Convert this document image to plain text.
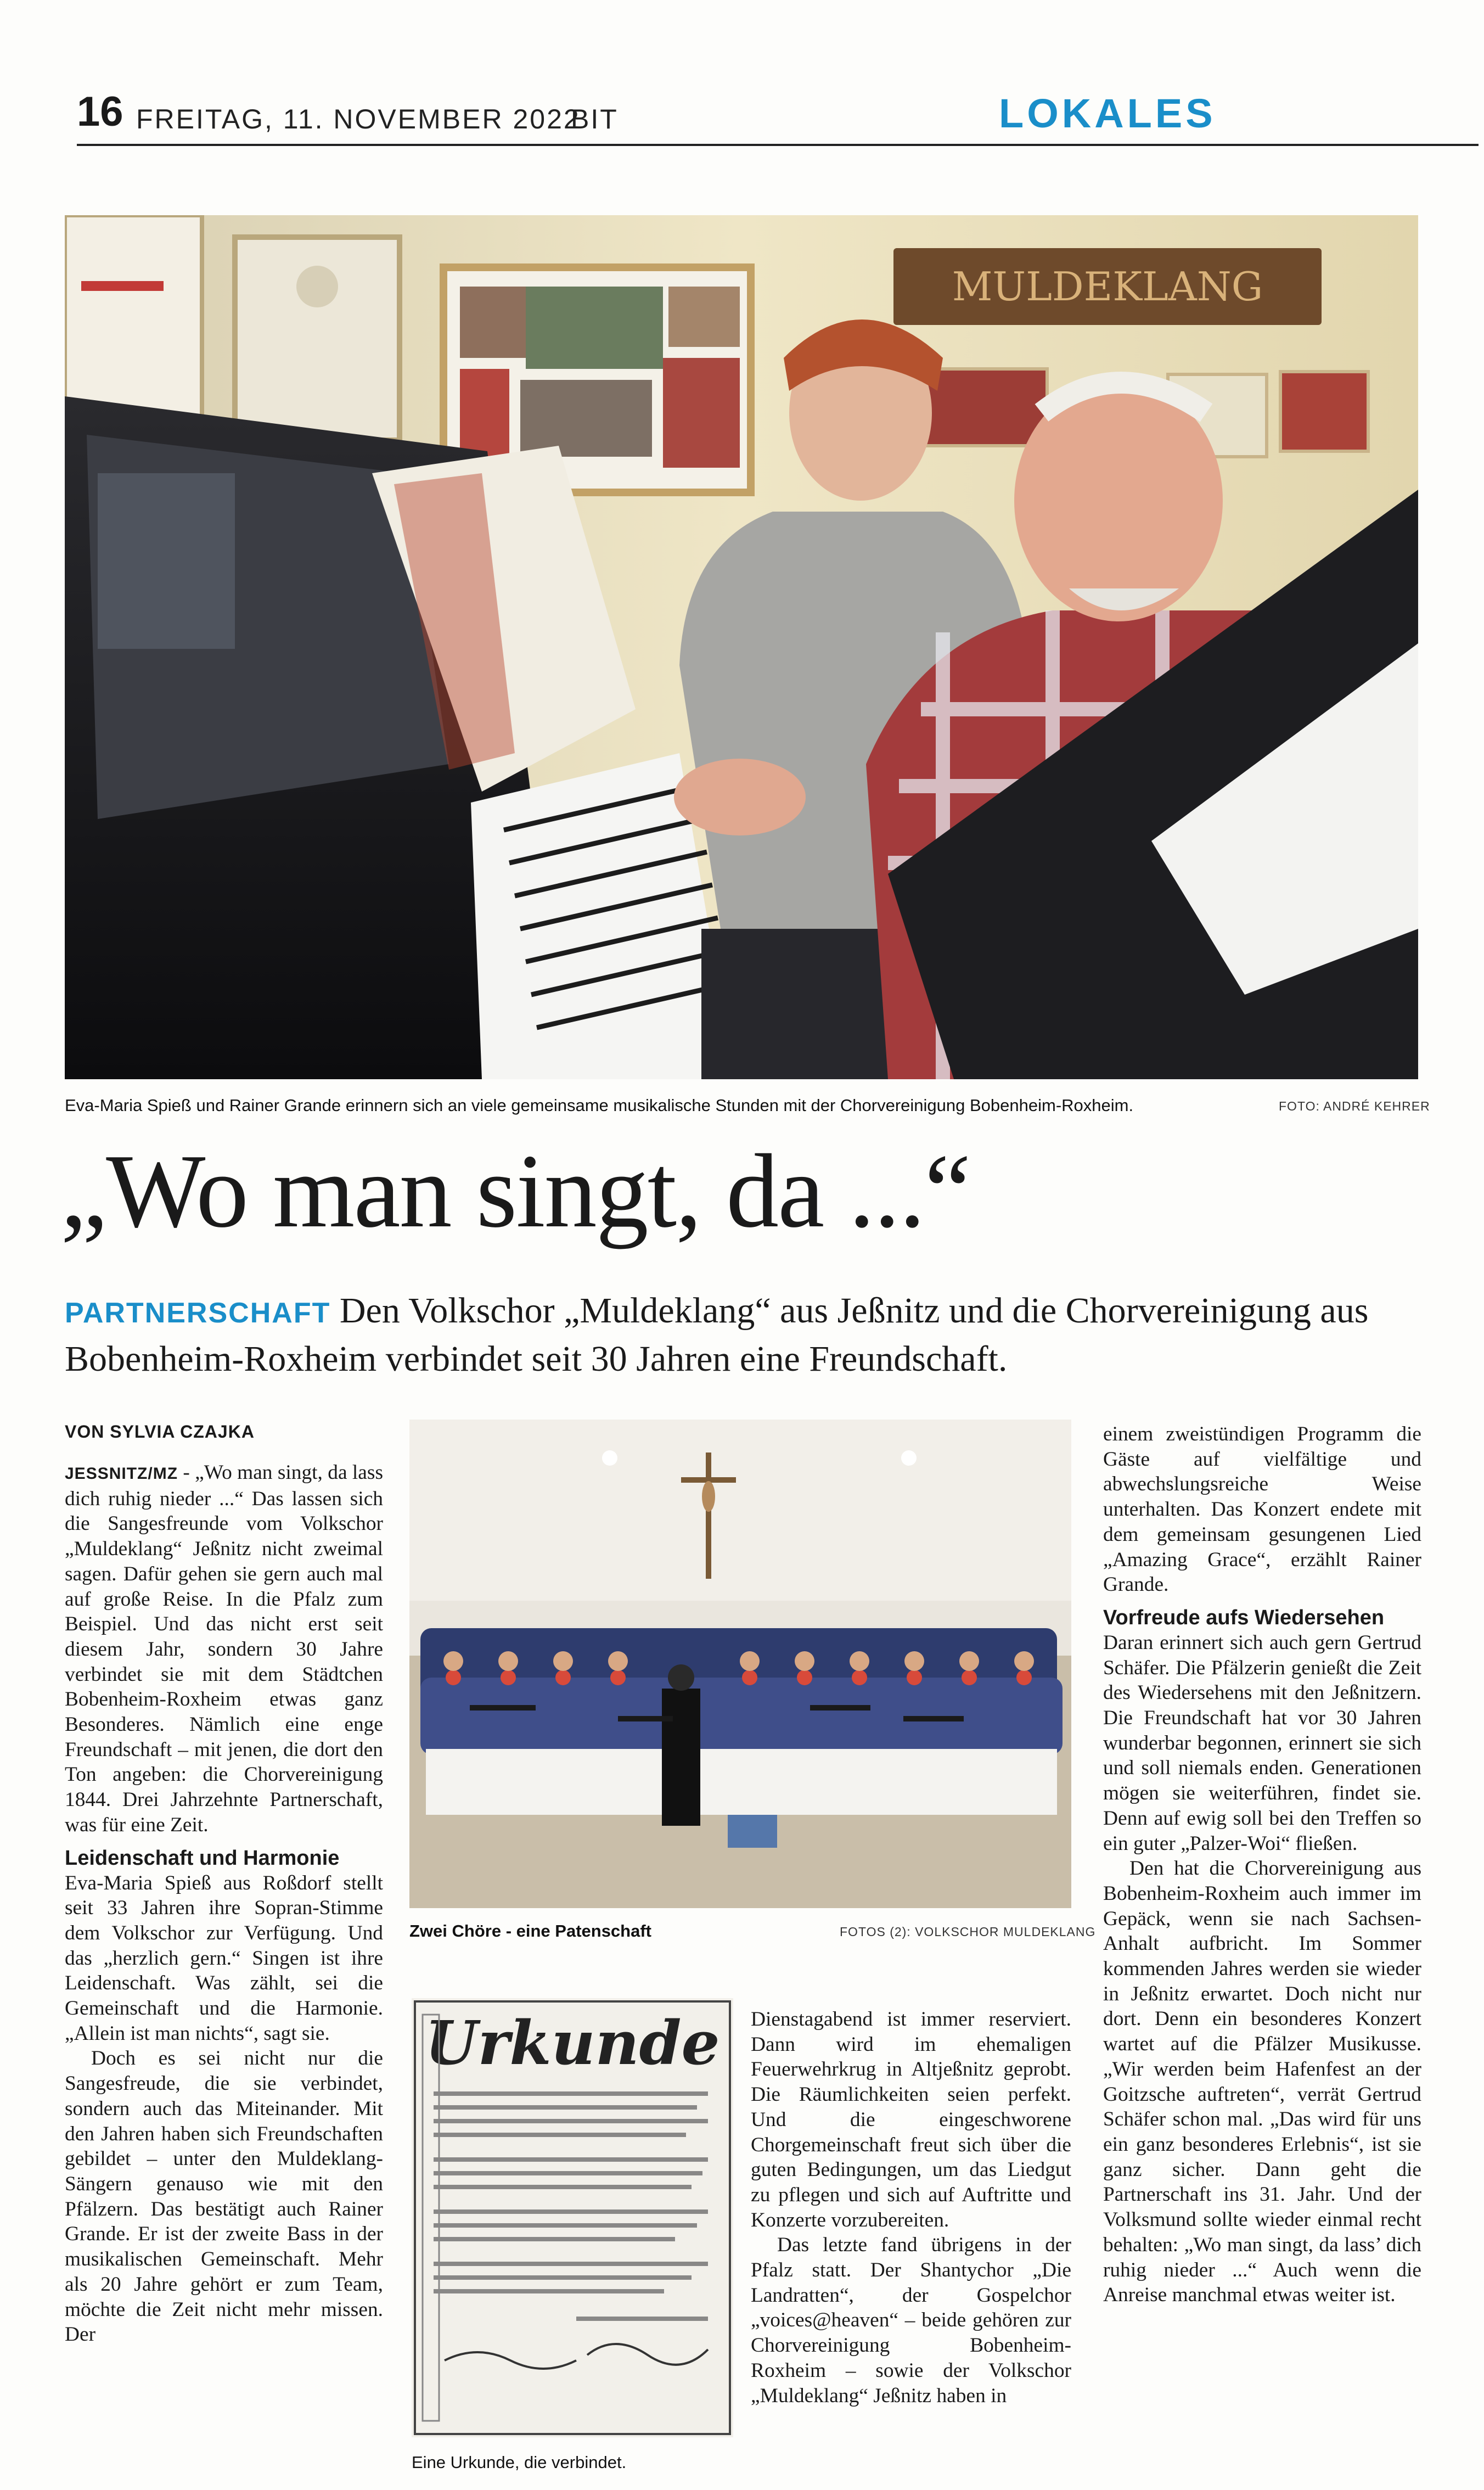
16 FREITAG, 11. NOVEMBER 2022
BIT	LOKALES
MULDEKLANG
Eva-Maria Spieß und Rainer Grande erinnern sich an viele gemeinsame musikalische Stunden mit der Chorvereinigung Bobenheim-Roxheim.	FOTO: ANDRÉ KEHRER
„Wo man singt, da ...“
PARTNERSCHAFT Den Volkschor „Muldeklang“ aus Jeßnitz und die Chorvereinigung aus Bobenheim-Roxheim verbindet seit 30 Jahren eine Freundschaft.
VON SYLVIA CZAJKA

JESSNITZ/MZ - „Wo man singt, da lass dich ruhig nieder ...“ Das lassen sich die Sangesfreunde vom Volkschor „Muldeklang“ Jeßnitz nicht zweimal sagen. Dafür gehen sie gern auch mal auf große Reise. In die Pfalz zum Beispiel. Und das nicht erst seit diesem Jahr, sondern 30 Jahre verbindet sie mit dem Städtchen Bobenheim-Roxheim etwas ganz Besonderes. Nämlich eine enge Freundschaft – mit jenen, die dort den Ton angeben: die Chorvereinigung 1844. Drei Jahrzehnte Partnerschaft, was für eine Zeit.

Leidenschaft und Harmonie

Eva-Maria Spieß aus Roßdorf stellt seit 33 Jahren ihre Sopran-Stimme dem Volkschor zur Verfügung. Und das „herzlich gern.“ Singen ist ihre Leidenschaft. Was zählt, sei die Gemeinschaft und die Harmonie. „Allein ist man nichts“, sagt sie.

Doch es sei nicht nur die Sangesfreude, die sie verbindet, sondern auch das Miteinander. Mit den Jahren haben sich Freundschaften gebildet – unter den Muldeklang-Sängern genauso wie mit den Pfälzern. Das bestätigt auch Rainer Grande. Er ist der zweite Bass in der musikalischen Gemeinschaft. Mehr als 20 Jahre gehört er zum Team, möchte die Zeit nicht mehr missen. Der

Zwei Chöre - eine Patenschaft	FOTOS (2): VOLKSCHOR MULDEKLANG
Urkunde
Eine Urkunde, die verbindet.

Dienstagabend ist immer reserviert. Dann wird im ehemaligen Feuerwehrkrug in Altjeßnitz geprobt. Die Räumlichkeiten seien perfekt. Und die eingeschworene Chorgemeinschaft freut sich über die guten Bedingungen, um das Liedgut zu pflegen und sich auf Auftritte und Konzerte vorzubereiten.

Das letzte fand übrigens in der Pfalz statt. Der Shantychor „Die Landratten“, der Gospelchor „voices@heaven“ – beide gehören zur Chorvereinigung Bobenheim-Roxheim – sowie der Volkschor „Muldeklang“ Jeßnitz haben in

einem zweistündigen Programm die Gäste auf vielfältige und abwechslungsreiche Weise unterhalten. Das Konzert endete mit dem gemeinsam gesungenen Lied „Amazing Grace“, erzählt Rainer Grande.

Vorfreude aufs Wiedersehen

Daran erinnert sich auch gern Gertrud Schäfer. Die Pfälzerin genießt die Zeit des Wiedersehens mit den Jeßnitzern. Die Freundschaft hat vor 30 Jahren wunderbar begonnen, erinnert sie sich und soll niemals enden. Generationen mögen sie weiterführen, findet sie. Denn auf ewig soll bei den Treffen so ein guter „Palzer-Woi“ fließen.

Den hat die Chorvereinigung aus Bobenheim-Roxheim auch immer im Gepäck, wenn sie nach Sachsen-Anhalt aufbricht. Im Sommer kommenden Jahres werden sie wieder in Jeßnitz erwartet. Doch nicht nur dort. Denn ein besonderes Konzert wartet auf die Pfälzer Musikusse. „Wir werden beim Hafenfest an der Goitzsche auftreten“, verrät Gertrud Schäfer schon mal. „Das wird für uns ein ganz besonderes Erlebnis“, ist sie ganz sicher. Dann geht die Partnerschaft ins 31. Jahr. Und der Volksmund sollte wieder einmal recht behalten: „Wo man singt, da lass’ dich ruhig nieder ...“ Auch wenn die Anreise manchmal etwas weiter ist.
